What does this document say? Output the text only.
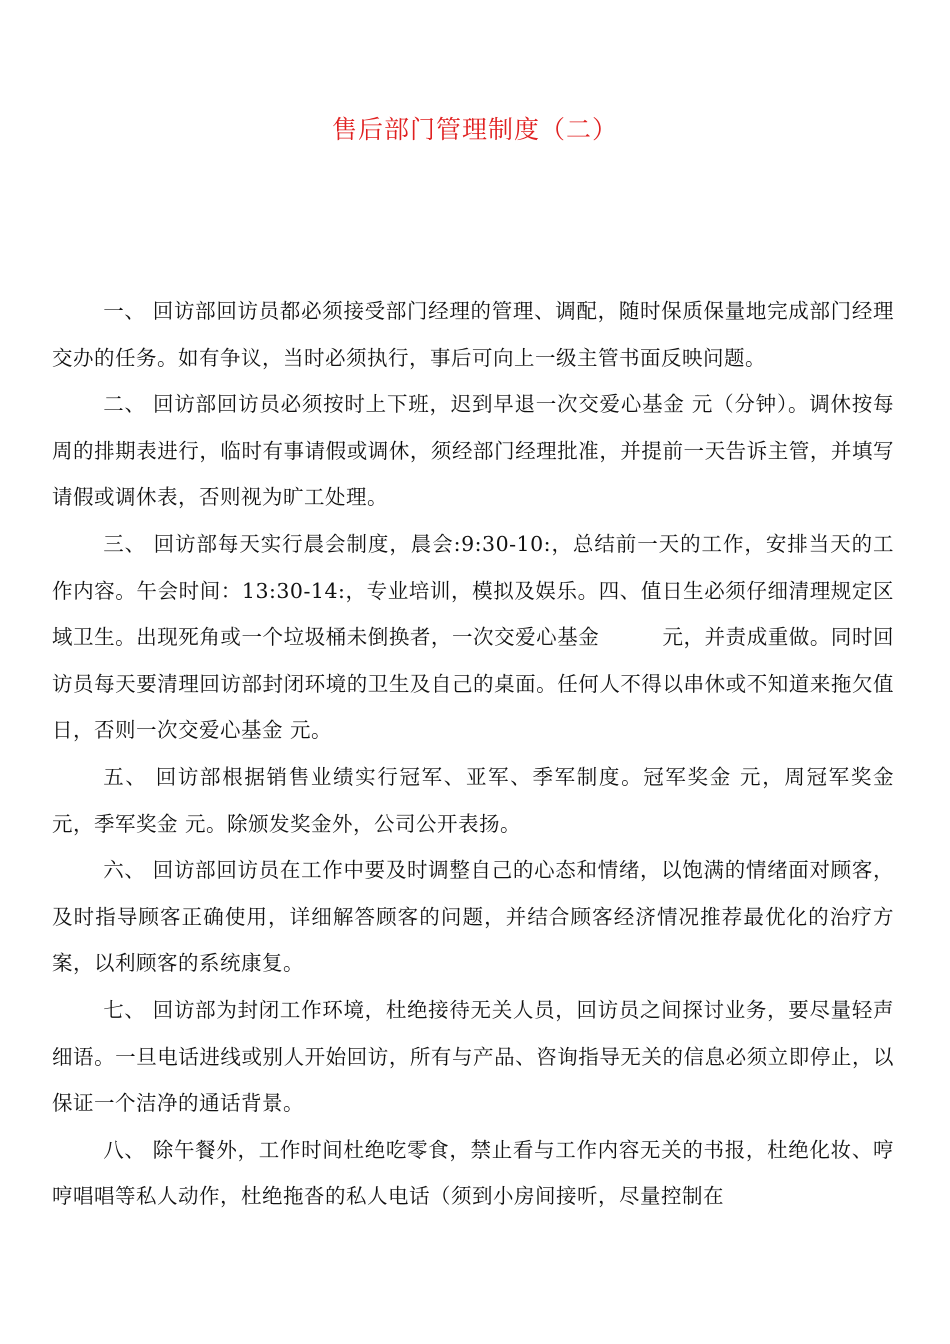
售后部门管理制度（二）

一、 回访部回访员都必须接受部门经理的管理、调配，随时保质保量地完成部门经理交办的任务。如有争议，当时必须执行，事后可向上一级主管书面反映问题。

二、 回访部回访员必须按时上下班，迟到早退一次交爱心基金 元（分钟）。调休按每周的排期表进行，临时有事请假或调休，须经部门经理批准，并提前一天告诉主管，并填写请假或调休表，否则视为旷工处理。

三、 回访部每天实行晨会制度，晨会:9:30-10:，总结前一天的工作，安排当天的工作内容。午会时间：13:30-14:，专业培训，模拟及娱乐。四、值日生必须仔细清理规定区域卫生。出现死角或一个垃圾桶未倒换者，一次交爱心基金　　　元，并责成重做。同时回访员每天要清理回访部封闭环境的卫生及自己的桌面。任何人不得以串休或不知道来拖欠值日，否则一次交爱心基金 元。

五、 回访部根据销售业绩实行冠军、亚军、季军制度。冠军奖金 元，周冠军奖金 元，季军奖金 元。除颁发奖金外，公司公开表扬。

六、 回访部回访员在工作中要及时调整自己的心态和情绪，以饱满的情绪面对顾客，及时指导顾客正确使用，详细解答顾客的问题，并结合顾客经济情况推荐最优化的治疗方案，以利顾客的系统康复。

七、 回访部为封闭工作环境，杜绝接待无关人员，回访员之间探讨业务，要尽量轻声细语。一旦电话进线或别人开始回访，所有与产品、咨询指导无关的信息必须立即停止，以保证一个洁净的通话背景。

八、 除午餐外，工作时间杜绝吃零食，禁止看与工作内容无关的书报，杜绝化妆、哼哼唱唱等私人动作，杜绝拖沓的私人电话（须到小房间接听，尽量控制在
